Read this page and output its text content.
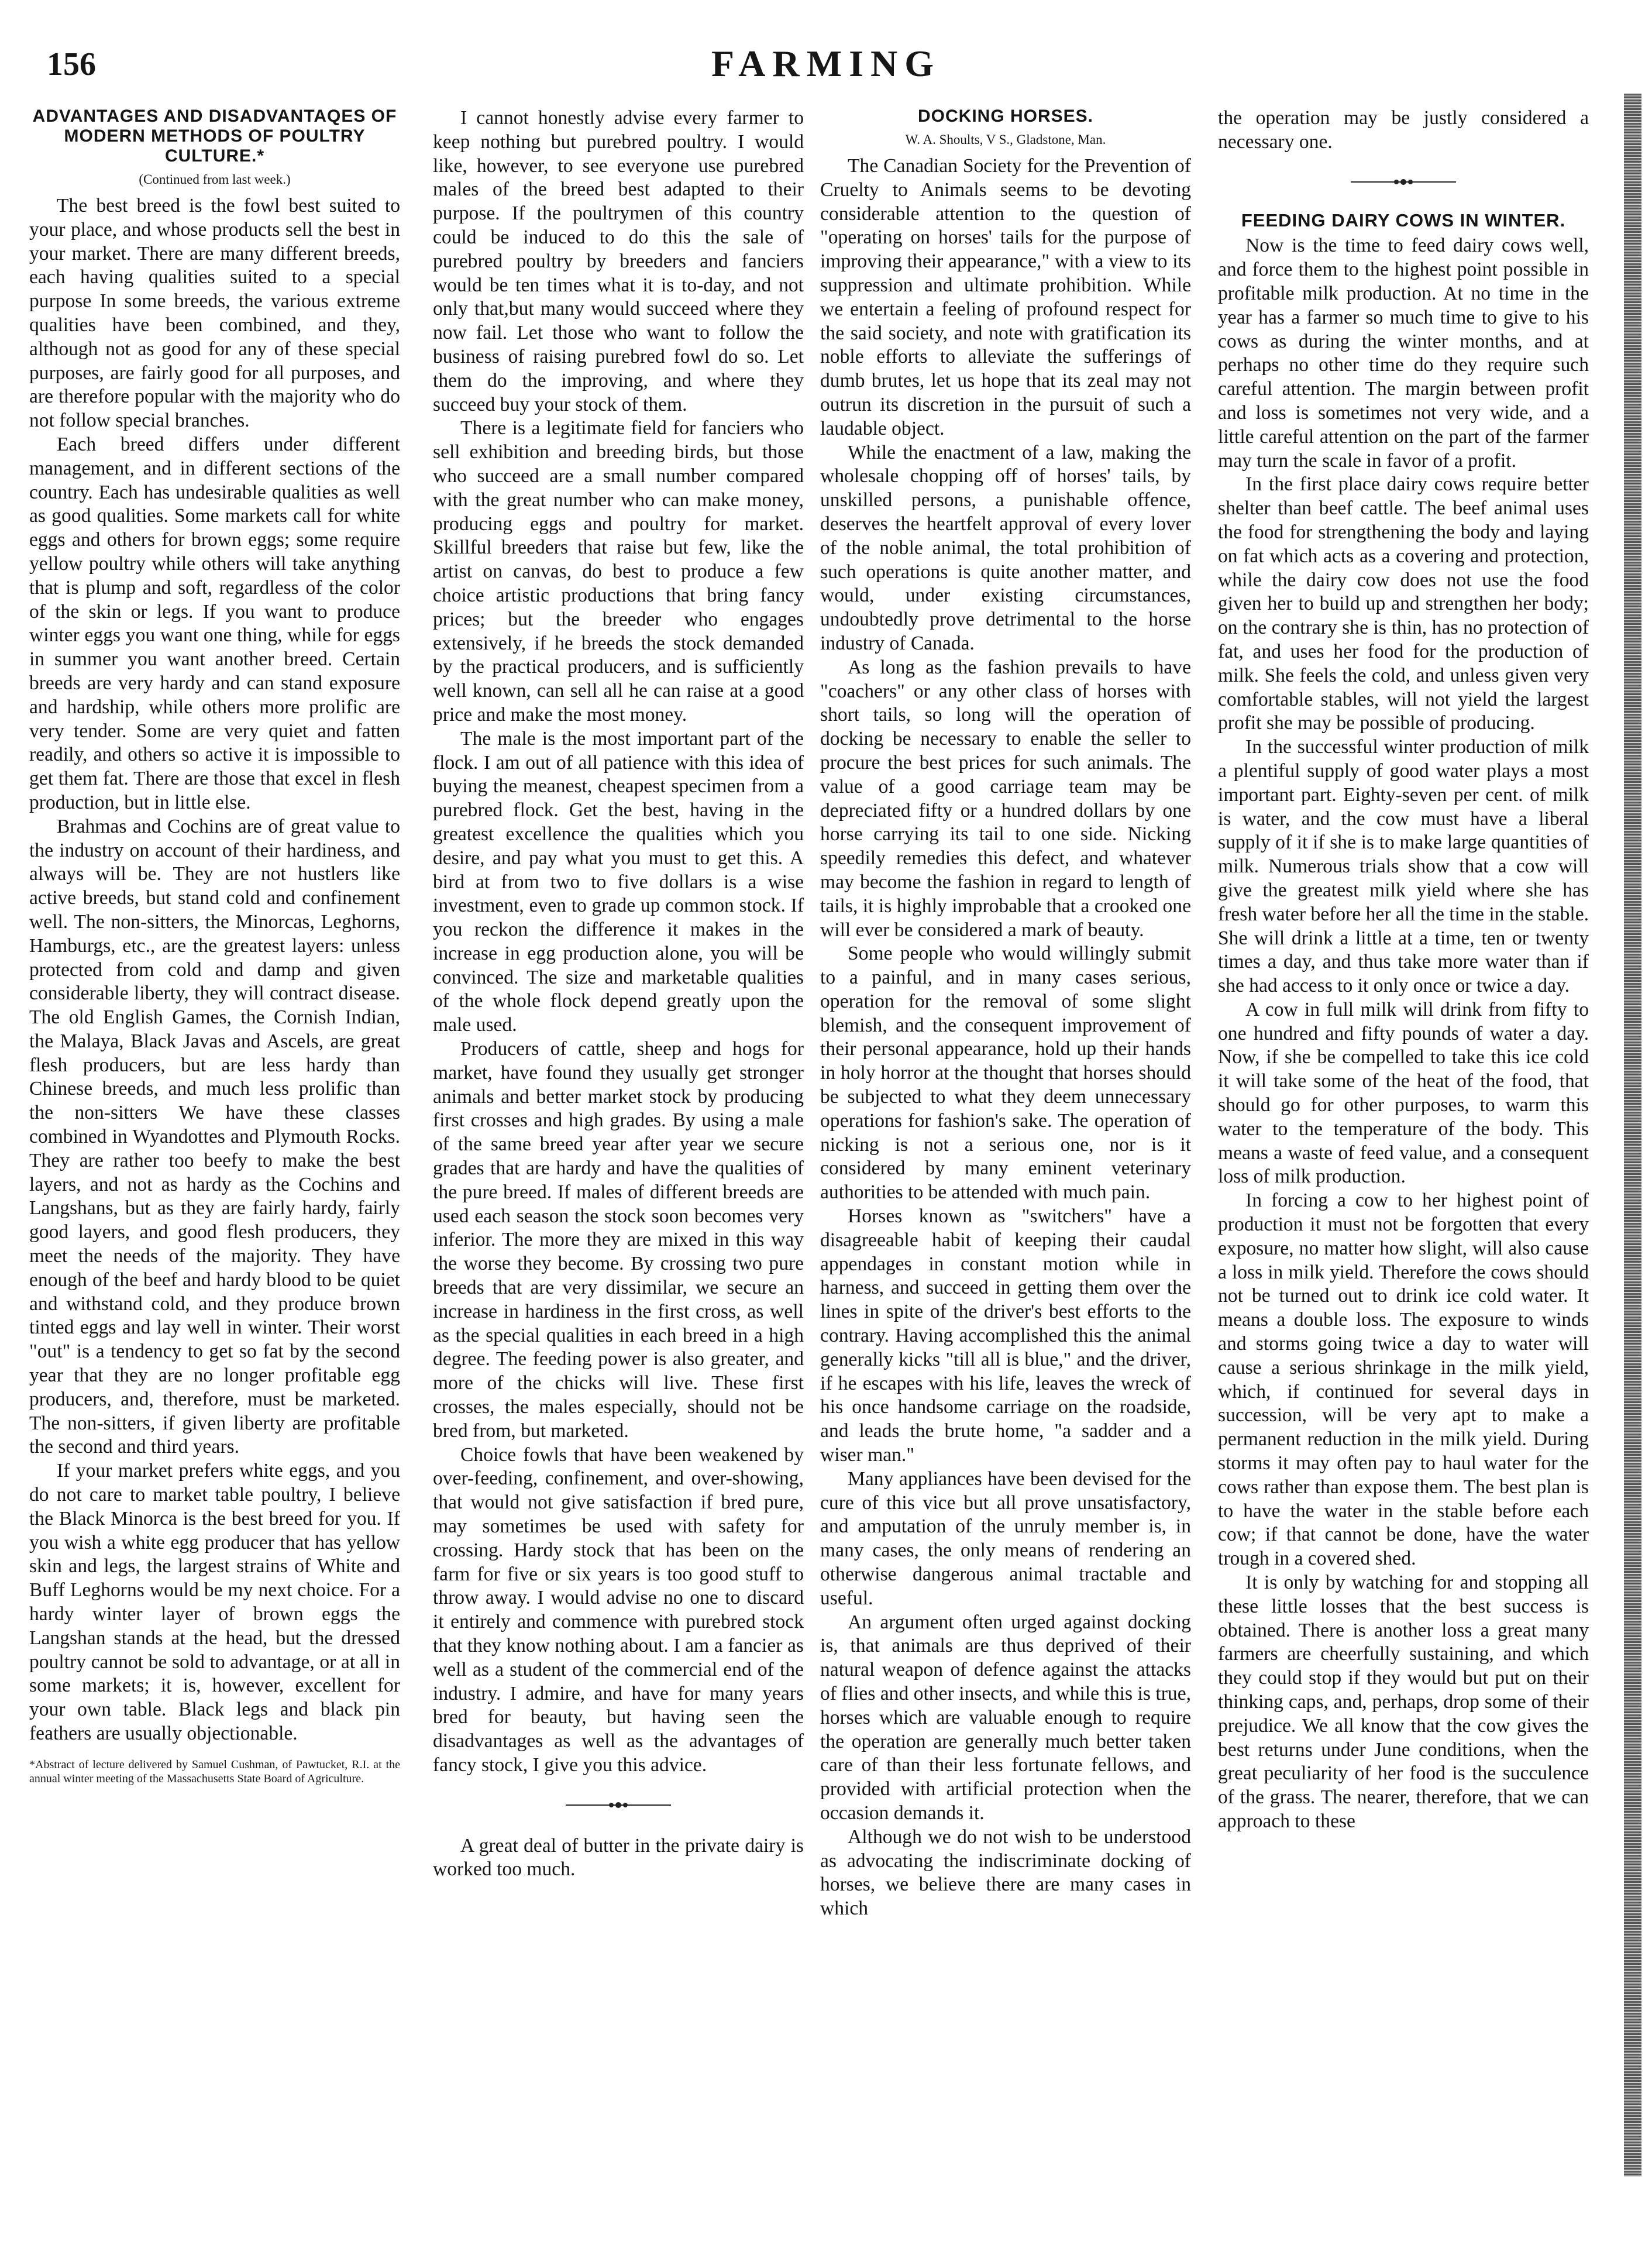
156	FARMING
ADVANTAGES AND DISADVANTAQES OF MODERN METHODS OF POULTRY CULTURE.*
(Continued from last week.)

The best breed is the fowl best suited to your place, and whose products sell the best in your market. There are many different breeds, each having qualities suited to a special purpose In some breeds, the various extreme qualities have been combined, and they, although not as good for any of these special purposes, are fairly good for all purposes, and are therefore popular with the majority who do not follow special branches.

Each breed differs under different management, and in different sections of the country. Each has undesirable qualities as well as good qualities. Some markets call for white eggs and others for brown eggs; some require yellow poultry while others will take anything that is plump and soft, regardless of the color of the skin or legs. If you want to produce winter eggs you want one thing, while for eggs in summer you want another breed. Certain breeds are very hardy and can stand exposure and hardship, while others more prolific are very tender. Some are very quiet and fatten readily, and others so active it is impossible to get them fat. There are those that excel in flesh production, but in little else.

Brahmas and Cochins are of great value to the industry on account of their hardiness, and always will be. They are not hustlers like active breeds, but stand cold and confinement well. The non-sitters, the Minorcas, Leghorns, Hamburgs, etc., are the greatest layers: unless protected from cold and damp and given considerable liberty, they will contract disease. The old English Games, the Cornish Indian, the Malaya, Black Javas and Ascels, are great flesh producers, but are less hardy than Chinese breeds, and much less prolific than the non-sitters We have these classes combined in Wyandottes and Plymouth Rocks. They are rather too beefy to make the best layers, and not as hardy as the Cochins and Langshans, but as they are fairly hardy, fairly good layers, and good flesh producers, they meet the needs of the majority. They have enough of the beef and hardy blood to be quiet and withstand cold, and they produce brown tinted eggs and lay well in winter. Their worst "out" is a tendency to get so fat by the second year that they are no longer profitable egg producers, and, therefore, must be marketed. The non-sitters, if given liberty are profitable the second and third years.

If your market prefers white eggs, and you do not care to market table poultry, I believe the Black Minorca is the best breed for you. If you wish a white egg producer that has yellow skin and legs, the largest strains of White and Buff Leghorns would be my next choice. For a hardy winter layer of brown eggs the Langshan stands at the head, but the dressed poultry cannot be sold to advantage, or at all in some markets; it is, however, excellent for your own table. Black legs and black pin feathers are usually objectionable.

*Abstract of lecture delivered by Samuel Cushman, of Pawtucket, R.I. at the annual winter meeting of the Massachusetts State Board of Agriculture.

I cannot honestly advise every farmer to keep nothing but purebred poultry. I would like, however, to see everyone use purebred males of the breed best adapted to their purpose. If the poultrymen of this country could be induced to do this the sale of purebred poultry by breeders and fanciers would be ten times what it is to-day, and not only that,but many would succeed where they now fail. Let those who want to follow the business of raising purebred fowl do so. Let them do the improving, and where they succeed buy your stock of them.

There is a legitimate field for fanciers who sell exhibition and breeding birds, but those who succeed are a small number compared with the great number who can make money, producing eggs and poultry for market. Skillful breeders that raise but few, like the artist on canvas, do best to produce a few choice artistic productions that bring fancy prices; but the breeder who engages extensively, if he breeds the stock demanded by the practical producers, and is sufficiently well known, can sell all he can raise at a good price and make the most money.

The male is the most important part of the flock. I am out of all patience with this idea of buying the meanest, cheapest specimen from a purebred flock. Get the best, having in the greatest excellence the qualities which you desire, and pay what you must to get this. A bird at from two to five dollars is a wise investment, even to grade up common stock. If you reckon the difference it makes in the increase in egg production alone, you will be convinced. The size and marketable qualities of the whole flock depend greatly upon the male used.

Producers of cattle, sheep and hogs for market, have found they usually get stronger animals and better market stock by producing first crosses and high grades. By using a male of the same breed year after year we secure grades that are hardy and have the qualities of the pure breed. If males of different breeds are used each season the stock soon becomes very inferior. The more they are mixed in this way the worse they become. By crossing two pure breeds that are very dissimilar, we secure an increase in hardiness in the first cross, as well as the special qualities in each breed in a high degree. The feeding power is also greater, and more of the chicks will live. These first crosses, the males especially, should not be bred from, but marketed.

Choice fowls that have been weakened by over-feeding, confinement, and over-showing, that would not give satisfaction if bred pure, may sometimes be used with safety for crossing. Hardy stock that has been on the farm for five or six years is too good stuff to throw away. I would advise no one to discard it entirely and commence with purebred stock that they know nothing about. I am a fancier as well as a student of the commercial end of the industry. I admire, and have for many years bred for beauty, but having seen the disadvantages as well as the advantages of fancy stock, I give you this advice.

A great deal of butter in the private dairy is worked too much.

DOCKING HORSES.
W. A. Shoults, V S., Gladstone, Man.

The Canadian Society for the Prevention of Cruelty to Animals seems to be devoting considerable attention to the question of "operating on horses' tails for the purpose of improving their appearance," with a view to its suppression and ultimate prohibition. While we entertain a feeling of profound respect for the said society, and note with gratification its noble efforts to alleviate the sufferings of dumb brutes, let us hope that its zeal may not outrun its discretion in the pursuit of such a laudable object.

While the enactment of a law, making the wholesale chopping off of horses' tails, by unskilled persons, a punishable offence, deserves the heartfelt approval of every lover of the noble animal, the total prohibition of such operations is quite another matter, and would, under existing circumstances, undoubtedly prove detrimental to the horse industry of Canada.

As long as the fashion prevails to have "coachers" or any other class of horses with short tails, so long will the operation of docking be necessary to enable the seller to procure the best prices for such animals. The value of a good carriage team may be depreciated fifty or a hundred dollars by one horse carrying its tail to one side. Nicking speedily remedies this defect, and whatever may become the fashion in regard to length of tails, it is highly improbable that a crooked one will ever be considered a mark of beauty.

Some people who would willingly submit to a painful, and in many cases serious, operation for the removal of some slight blemish, and the consequent improvement of their personal appearance, hold up their hands in holy horror at the thought that horses should be subjected to what they deem unnecessary operations for fashion's sake. The operation of nicking is not a serious one, nor is it considered by many eminent veterinary authorities to be attended with much pain.

Horses known as "switchers" have a disagreeable habit of keeping their caudal appendages in constant motion while in harness, and succeed in getting them over the lines in spite of the driver's best efforts to the contrary. Having accomplished this the animal generally kicks "till all is blue," and the driver, if he escapes with his life, leaves the wreck of his once handsome carriage on the roadside, and leads the brute home, "a sadder and a wiser man."

Many appliances have been devised for the cure of this vice but all prove unsatisfactory, and amputation of the unruly member is, in many cases, the only means of rendering an otherwise dangerous animal tractable and useful.

An argument often urged against docking is, that animals are thus deprived of their natural weapon of defence against the attacks of flies and other insects, and while this is true, horses which are valuable enough to require the operation are generally much better taken care of than their less fortunate fellows, and provided with artificial protection when the occasion demands it.

Although we do not wish to be understood as advocating the indiscriminate docking of horses, we believe there are many cases in which

the operation may be justly considered a necessary one.

FEEDING DAIRY COWS IN WINTER.

Now is the time to feed dairy cows well, and force them to the highest point possible in profitable milk production. At no time in the year has a farmer so much time to give to his cows as during the winter months, and at perhaps no other time do they require such careful attention. The margin between profit and loss is sometimes not very wide, and a little careful attention on the part of the farmer may turn the scale in favor of a profit.

In the first place dairy cows require better shelter than beef cattle. The beef animal uses the food for strengthening the body and laying on fat which acts as a covering and protection, while the dairy cow does not use the food given her to build up and strengthen her body; on the contrary she is thin, has no protection of fat, and uses her food for the production of milk. She feels the cold, and unless given very comfortable stables, will not yield the largest profit she may be possible of producing.

In the successful winter production of milk a plentiful supply of good water plays a most important part. Eighty-seven per cent. of milk is water, and the cow must have a liberal supply of it if she is to make large quantities of milk. Numerous trials show that a cow will give the greatest milk yield where she has fresh water before her all the time in the stable. She will drink a little at a time, ten or twenty times a day, and thus take more water than if she had access to it only once or twice a day.

A cow in full milk will drink from fifty to one hundred and fifty pounds of water a day. Now, if she be compelled to take this ice cold it will take some of the heat of the food, that should go for other purposes, to warm this water to the temperature of the body. This means a waste of feed value, and a consequent loss of milk production.

In forcing a cow to her highest point of production it must not be forgotten that every exposure, no matter how slight, will also cause a loss in milk yield. Therefore the cows should not be turned out to drink ice cold water. It means a double loss. The exposure to winds and storms going twice a day to water will cause a serious shrinkage in the milk yield, which, if continued for several days in succession, will be very apt to make a permanent reduction in the milk yield. During storms it may often pay to haul water for the cows rather than expose them. The best plan is to have the water in the stable before each cow; if that cannot be done, have the water trough in a covered shed.

It is only by watching for and stopping all these little losses that the best success is obtained. There is another loss a great many farmers are cheerfully sustaining, and which they could stop if they would but put on their thinking caps, and, perhaps, drop some of their prejudice. We all know that the cow gives the best returns under June conditions, when the great peculiarity of her food is the succulence of the grass. The nearer, therefore, that we can approach to these
